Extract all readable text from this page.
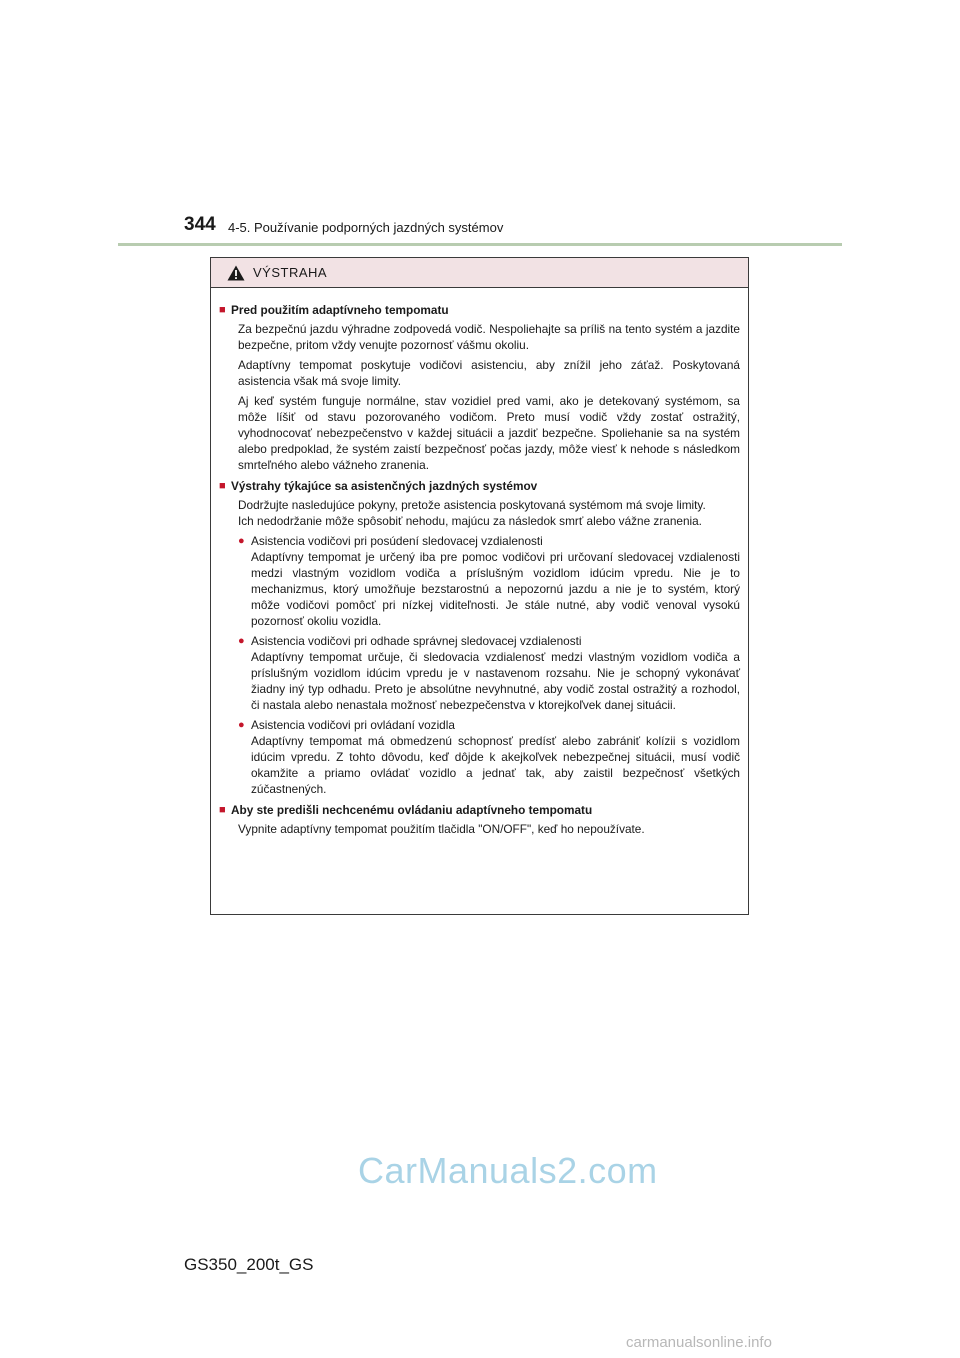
344 4-5. Používanie podporných jazdných systémov
VÝSTRAHA
■ Pred použitím adaptívneho tempomatu

Za bezpečnú jazdu výhradne zodpovedá vodič. Nespoliehajte sa príliš na tento systém a jazdite bezpečne, pritom vždy venujte pozornosť vášmu okoliu.

Adaptívny tempomat poskytuje vodičovi asistenciu, aby znížil jeho záťaž. Poskytovaná asistencia však má svoje limity.

Aj keď systém funguje normálne, stav vozidiel pred vami, ako je detekovaný systémom, sa môže líšiť od stavu pozorovaného vodičom. Preto musí vodič vždy zostať ostražitý, vyhodnocovať nebezpečenstvo v každej situácii a jazdiť bezpečne. Spoliehanie sa na systém alebo predpoklad, že systém zaistí bezpečnosť počas jazdy, môže viesť k nehode s následkom smrteľného alebo vážneho zranenia.

■ Výstrahy týkajúce sa asistenčných jazdných systémov

Dodržujte nasledujúce pokyny, pretože asistencia poskytovaná systémom má svoje limity.
Ich nedodržanie môže spôsobiť nehodu, majúcu za následok smrť alebo vážne zranenia.

● Asistencia vodičovi pri posúdení sledovacej vzdialenosti
Adaptívny tempomat je určený iba pre pomoc vodičovi pri určovaní sledovacej vzdialenosti medzi vlastným vozidlom vodiča a príslušným vozidlom idúcim vpredu. Nie je to mechanizmus, ktorý umožňuje bezstarostnú a nepozornú jazdu a nie je to systém, ktorý môže vodičovi pomôcť pri nízkej viditeľnosti. Je stále nutné, aby vodič venoval vysokú pozornosť okoliu vozidla.
● Asistencia vodičovi pri odhade správnej sledovacej vzdialenosti
Adaptívny tempomat určuje, či sledovacia vzdialenosť medzi vlastným vozidlom vodiča a príslušným vozidlom idúcim vpredu je v nastavenom rozsahu. Nie je schopný vykonávať žiadny iný typ odhadu. Preto je absolútne nevyhnutné, aby vodič zostal ostražitý a rozhodol, či nastala alebo nenastala možnosť nebezpečenstva v ktorejkoľvek danej situácii.
● Asistencia vodičovi pri ovládaní vozidla
Adaptívny tempomat má obmedzenú schopnosť predísť alebo zabrániť kolízii s vozidlom idúcim vpredu. Z tohto dôvodu, keď dôjde k akejkoľvek nebezpečnej situácii, musí vodič okamžite a priamo ovládať vozidlo a jednať tak, aby zaistil bezpečnosť všetkých zúčastnených.
■ Aby ste predišli nechcenému ovládaniu adaptívneho tempomatu

Vypnite adaptívny tempomat použitím tlačidla "ON/OFF", keď ho nepoužívate.

CarManuals2.com
GS350_200t_GS
carmanualsonline.info
